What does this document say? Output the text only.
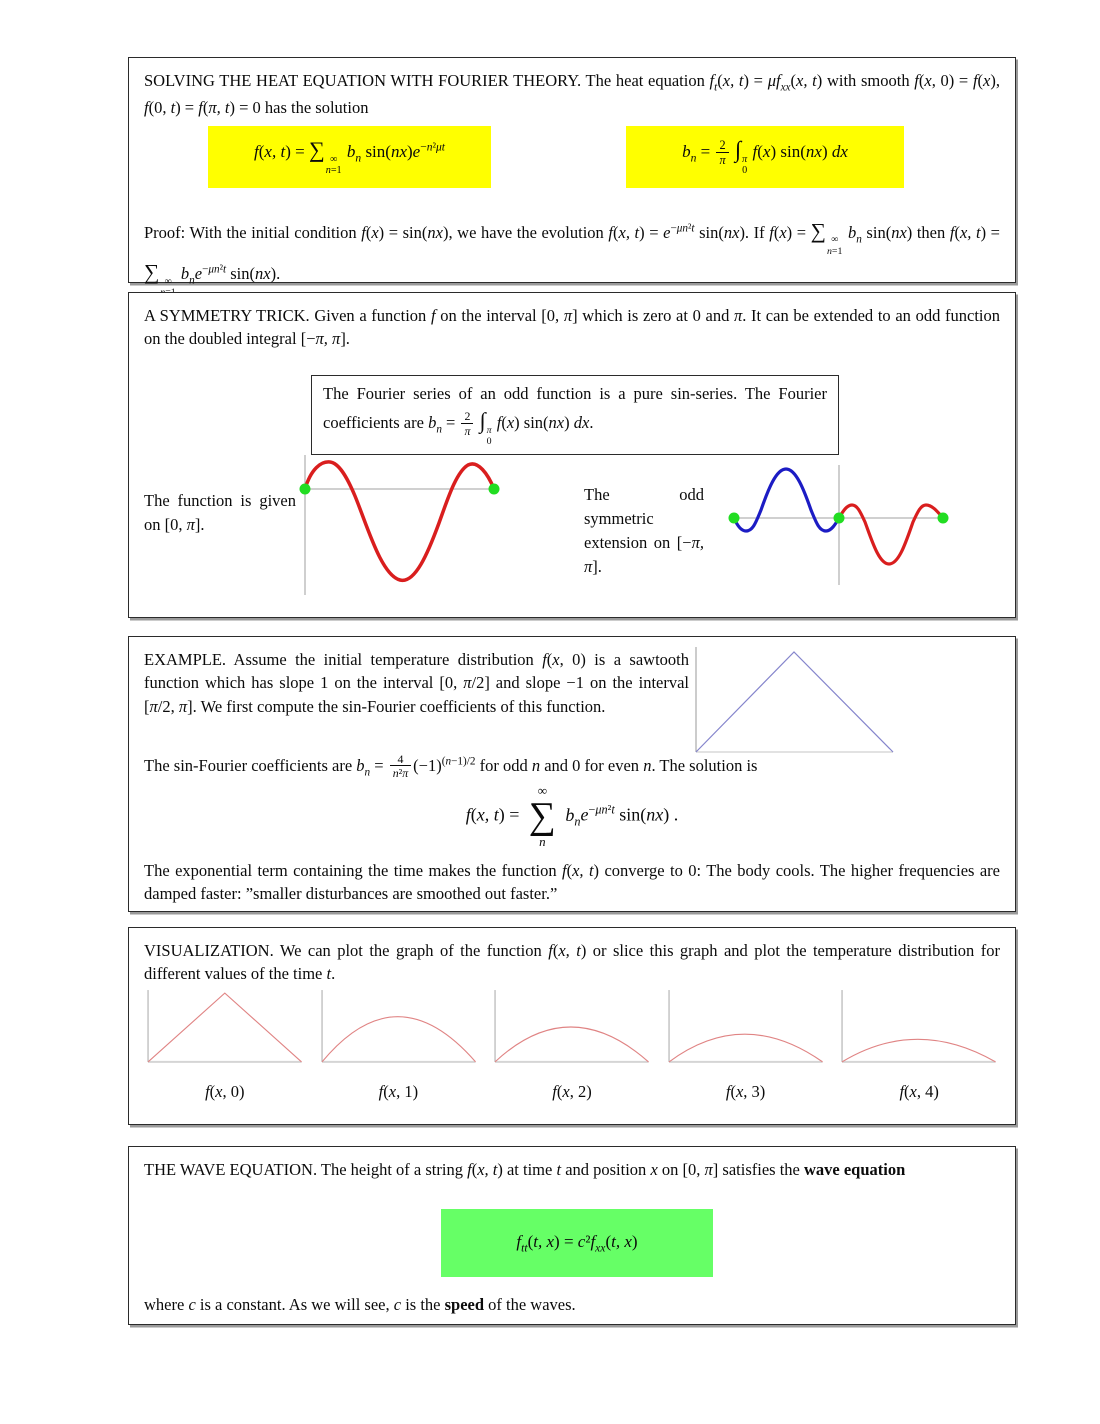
SOLVING THE HEAT EQUATION WITH FOURIER THEORY. The heat equation $f_t(x$, $t) = \mu f_{xx}(x$, t) with smooth f(x, 0) = f(x), f(0, t) = f(π, t) = 0 has the solution

f(x, t) = ∑ ∞
n=1
$b_n$ $\sin(nx)e^{-n^2\mu t}$	$b_n = \frac{2}{\pi}$ ∫ π
0
f(x) sin(nx) dx

Proof: With the initial condition f(x) = sin(nx), we have the evolution f(x, $t) = e^{-\mu n^2t}$ sin(nx). If f(x) = ∑ ∞
n=1
$b_n$ sin(nx) then f(x, t) = ∑ ∞ $b_ne^{-\mu n^2t}$ sin(nx).

A SYMMETRY TRICK. Given a function f on the interval [0, π] which is zero at 0 and π. It can be extended to an odd function on the doubled integral [−π, π].

The Fourier series of an odd function is a pure sin-series. The Fourier coefficients are $b_n = \frac{2}{\pi}$ ∫ π
0
f(x) sin(nx) dx.

The function is given on [0, π].
The odd symmetric extension on [−π, π].

EXAMPLE. Assume the initial temperature distribution f(x, 0) is a sawtooth function which has slope 1 on the interval [0, π/2] and slope −1 on the interval [π/2, π]. We first compute the sin-Fourier coefficients of this function.

The sin-Fourier coefficients are $b_n = \frac{4}{\text{n²π}} (-1)^{(n-1)/2}$ for odd n and 0 for even n. The solution is

f(x, t) =
∞
∑
n
$b_ne^{-\mu n^2t}$ sin(nx) .

The exponential term containing the time makes the function f(x, t) converge to 0: The body cools. The higher frequencies are damped faster: ”smaller disturbances are smoothed out faster.”

VISUALIZATION. We can plot the graph of the function f(x, t) or slice this graph and plot the temperature distribution for different values of the time t.

f(x, 0)	f(x, 1)	f(x, 2)	f(x, 3)	f(x, 4)

THE WAVE EQUATION. The height of a string f(x, t) at time t and position x on [0, π] satisfies the wave equation

$f_{tt}(t$, $x) = c^2f_{xx}(t$, x)

where c is a constant. As we will see, c is the speed of the waves.
